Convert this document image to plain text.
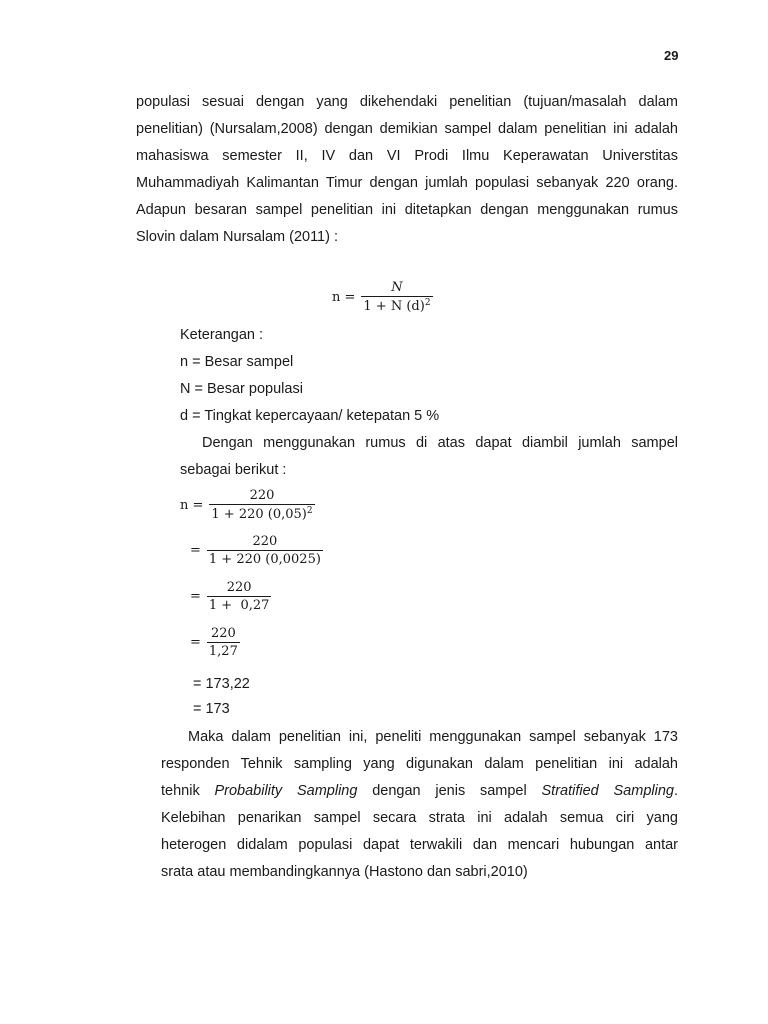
29
populasi sesuai dengan yang dikehendaki penelitian (tujuan/masalah dalam
penelitian) (Nursalam,2008) dengan demikian sampel dalam penelitian ini adalah
mahasiswa semester II, IV dan VI Prodi Ilmu Keperawatan Universtitas
Muhammadiyah Kalimantan Timur dengan jumlah populasi sebanyak 220 orang.
Adapun besaran sampel penelitian ini ditetapkan dengan menggunakan rumus
Slovin dalam Nursalam (2011) :
$n = \frac{N}{1 + N (d)^2}$
Keterangan :
n = Besar sampel
N = Besar populasi
d = Tingkat kepercayaan/ ketepatan 5 %
Dengan menggunakan rumus di atas dapat diambil jumlah sampel
sebagai berikut :
$n = \frac{220}{1 + 220 (0,05)^2}$
= $\frac{220}{1 + 220 (0,0025)}$
= $\frac{220}{1 + 0,27}$
= $\frac{220}{1,27}$
= 173,22
= 173
Maka dalam penelitian ini, peneliti menggunakan sampel sebanyak 173
responden Tehnik sampling yang digunakan dalam penelitian ini adalah
tehnik Probability Sampling dengan jenis sampel Stratified Sampling.
Kelebihan penarikan sampel secara strata ini adalah semua ciri yang
heterogen didalam populasi dapat terwakili dan mencari hubungan antar
srata atau membandingkannya (Hastono dan sabri,2010)
